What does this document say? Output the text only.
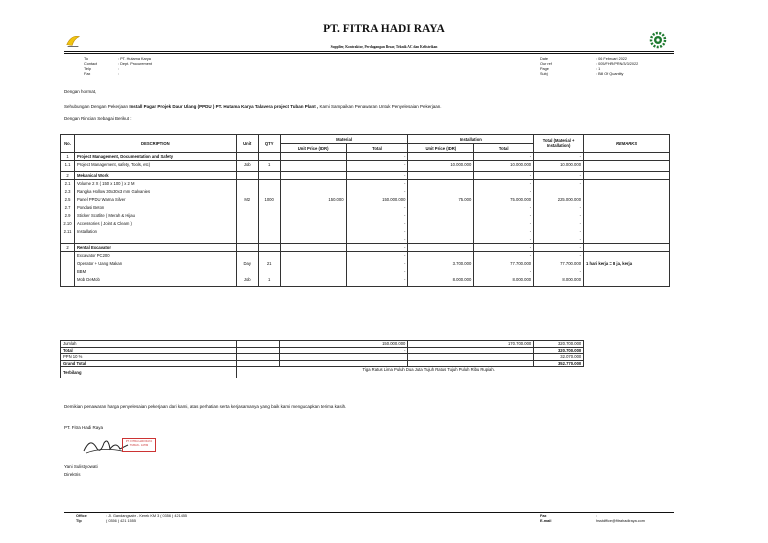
PT. FITRA HADI RAYA
Supplier, Kontraktor, Perdagangan Besar, Teknik AC dan Kelistrikan
To	: PT. Hutama Karya
Contact	: Dept. Procurement
Telp	:
Fax	:
Date	: 06 Februari 2022
Our ref	: 005/FHR/PRN/3/3/2022
Page	: 1
Subj	: Bill Of Quantity
Dengan hormat,
Sehubungan Dengan Pekerjaan Install Pagar Projek Daur Ulang (PPDU ) PT. Hutama Karya Talavera project Tuban Plant , Kami Sampaikan Penawaran Untuk Penyelesaian Pekerjaan.
Dengan Rincian Sebagai Berikut :
No.	DESCRIPTION	Unit	QTY	Material		Installation		Total (Material + Installation)	REMARKS
				Unit Price (IDR)	Total	Unit Price (IDR)	Total		
1	Project Management, Documentation and Safety				-		-	-	
1.1	Project Management, safety, Tools, etc)	Job	1		-	10.000.000	10.000.000	10.000.000	

2	Mekanical Work				-		-	-	
2.1	Volume 2 X ( 150 x 100 ) x 2 M				-		-	-	
2.3	Rangka Hollow 30x30x3 mm Galvanies				-		-		
2.5	Panel PPDU Warna Silver	M2	1000	150.000	150.000.000	75.000	75.000.000	225.000.000	
2.7	Pondasi Beton				-		-	-	
2.9	Sticker Scotlite ( Merah & Hijau				-		-	-	
2.10	Accessories ( Joint & Cleam )				-		-	-	
2.11	Installation				-		-	-	
					-		-	-	
2	Rental Excavator				-		-	-	
	Excavator PC200				-		-	-	
	Operator + Uang Makan	Day	21		-	3.700.000	77.700.000	77.700.000	1 hari kerja = 8 ja, kerja
	BBM				-		-	-	
	Mob DeMob	Job	1		-	8.000.000	8.000.000	8.000.000	

Jumlah		150.000.000	170.700.000	320.700.000	
Total		-		320.700.000	
PPN 10 %				32.070.000	
Grand Total				352.770.000	
Terbilang	Tiga Ratus Lima Puluh Dua Juta Tujuh Ratus Tujuh Puluh Ribu Rupiah.				
Demikian penawaran harga penyelesaian pekerjaan dari kami, atas perhatian serta kerjasamanya yang baik kami mengucapkan terima kasih.
PT. Fitra Hadi Raya
PT. FITRA HADI RAYA TUBAN - JATIM
Yani Sulistyowati
Direktris
Office	: Jl. Gandangsabr - Kerek KM 3 ( 0356 ) 421455
Tlp	( 0356 ) 421 1555
Fax	:
E-mail	hsstdffice@fitrahadiraya.com
